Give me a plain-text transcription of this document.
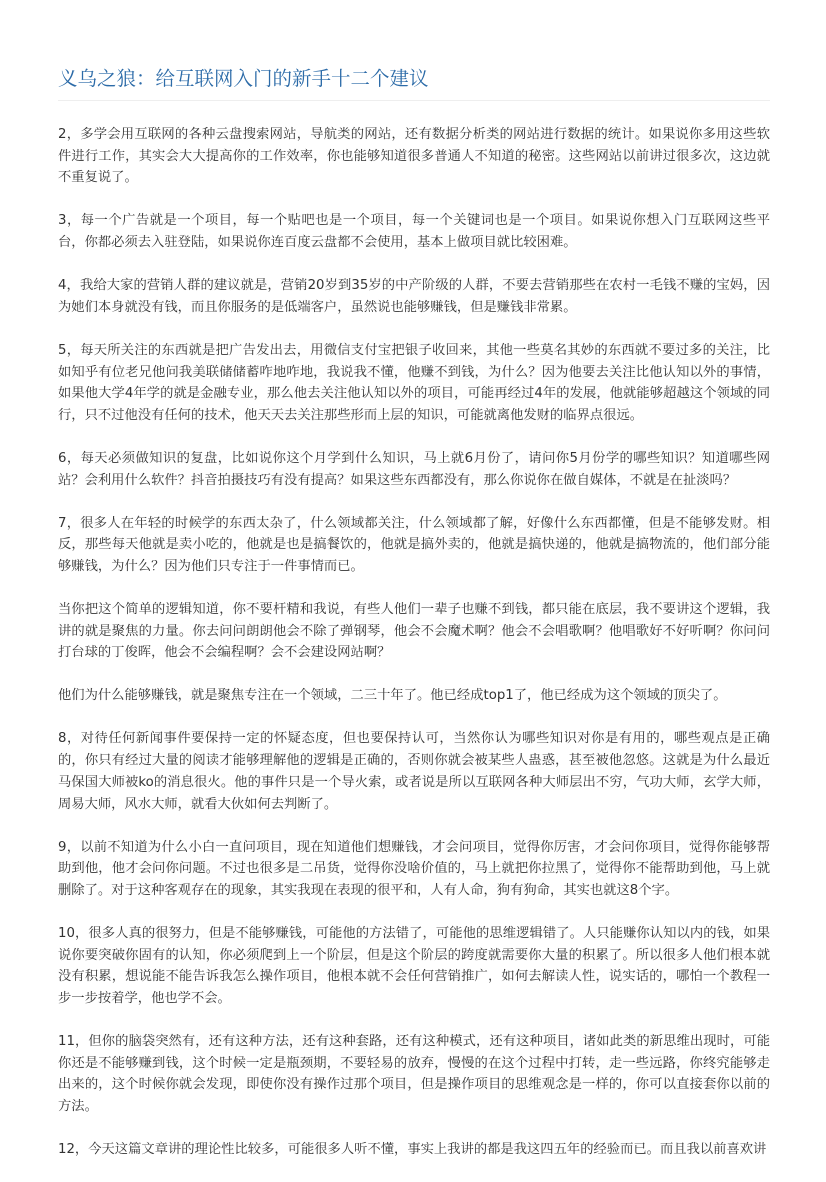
义乌之狼：给互联网入门的新手十二个建议

2，多学会用互联网的各种云盘搜索网站，导航类的网站，还有数据分析类的网站进行数据的统计。如果说你多用这些软件进行工作，其实会大大提高你的工作效率，你也能够知道很多普通人不知道的秘密。这些网站以前讲过很多次，这边就不重复说了。

3，每一个广告就是一个项目，每一个贴吧也是一个项目，每一个关键词也是一个项目。如果说你想入门互联网这些平台，你都必须去入驻登陆，如果说你连百度云盘都不会使用，基本上做项目就比较困难。

4，我给大家的营销人群的建议就是，营销20岁到35岁的中产阶级的人群，不要去营销那些在农村一毛钱不赚的宝妈，因为她们本身就没有钱，而且你服务的是低端客户，虽然说也能够赚钱，但是赚钱非常累。

5，每天所关注的东西就是把广告发出去，用微信支付宝把银子收回来，其他一些莫名其妙的东西就不要过多的关注，比如知乎有位老兄他问我美联储储蓄咋地咋地，我说我不懂，他赚不到钱，为什么？因为他要去关注比他认知以外的事情，如果他大学4年学的就是金融专业，那么他去关注他认知以外的项目，可能再经过4年的发展，他就能够超越这个领域的同行，只不过他没有任何的技术，他天天去关注那些形而上层的知识，可能就离他发财的临界点很远。

6，每天必须做知识的复盘，比如说你这个月学到什么知识，马上就6月份了，请问你5月份学的哪些知识？知道哪些网站？会利用什么软件？抖音拍摄技巧有没有提高？如果这些东西都没有，那么你说你在做自媒体，不就是在扯淡吗？

7，很多人在年轻的时候学的东西太杂了，什么领域都关注，什么领域都了解，好像什么东西都懂，但是不能够发财。相反，那些每天他就是卖小吃的，他就是也是搞餐饮的，他就是搞外卖的，他就是搞快递的，他就是搞物流的，他们部分能够赚钱，为什么？因为他们只专注于一件事情而已。

当你把这个简单的逻辑知道，你不要杆精和我说，有些人他们一辈子也赚不到钱，都只能在底层，我不要讲这个逻辑，我讲的就是聚焦的力量。你去问问朗朗他会不除了弹钢琴，他会不会魔术啊？他会不会唱歌啊？他唱歌好不好听啊？你问问打台球的丁俊晖，他会不会编程啊？会不会建设网站啊？

他们为什么能够赚钱，就是聚焦专注在一个领域，二三十年了。他已经成top1了，他已经成为这个领域的顶尖了。

8，对待任何新闻事件要保持一定的怀疑态度，但也要保持认可，当然你认为哪些知识对你是有用的，哪些观点是正确的，你只有经过大量的阅读才能够理解他的逻辑是正确的，否则你就会被某些人蛊惑，甚至被他忽悠。这就是为什么最近马保国大师被ko的消息很火。他的事件只是一个导火索，或者说是所以互联网各种大师层出不穷，气功大师，玄学大师，周易大师，风水大师，就看大伙如何去判断了。

9，以前不知道为什么小白一直问项目，现在知道他们想赚钱，才会问项目，觉得你厉害，才会问你项目，觉得你能够帮助到他，他才会问你问题。不过也很多是二吊货，觉得你没啥价值的，马上就把你拉黑了，觉得你不能帮助到他，马上就删除了。对于这种客观存在的现象，其实我现在表现的很平和，人有人命，狗有狗命，其实也就这8个字。

10，很多人真的很努力，但是不能够赚钱，可能他的方法错了，可能他的思维逻辑错了。人只能赚你认知以内的钱，如果说你要突破你固有的认知，你必须爬到上一个阶层，但是这个阶层的跨度就需要你大量的积累了。所以很多人他们根本就没有积累，想说能不能告诉我怎么操作项目，他根本就不会任何营销推广，如何去解读人性，说实话的，哪怕一个教程一步一步按着学，他也学不会。

11，但你的脑袋突然有，还有这种方法，还有这种套路，还有这种模式，还有这种项目，诸如此类的新思维出现时，可能你还是不能够赚到钱，这个时候一定是瓶颈期，不要轻易的放弃，慢慢的在这个过程中打转，走一些远路，你终究能够走出来的，这个时候你就会发现，即使你没有操作过那个项目，但是操作项目的思维观念是一样的，你可以直接套你以前的方法。

12，今天这篇文章讲的理论性比较多，可能很多人听不懂，事实上我讲的都是我这四五年的经验而已。而且我以前喜欢讲
